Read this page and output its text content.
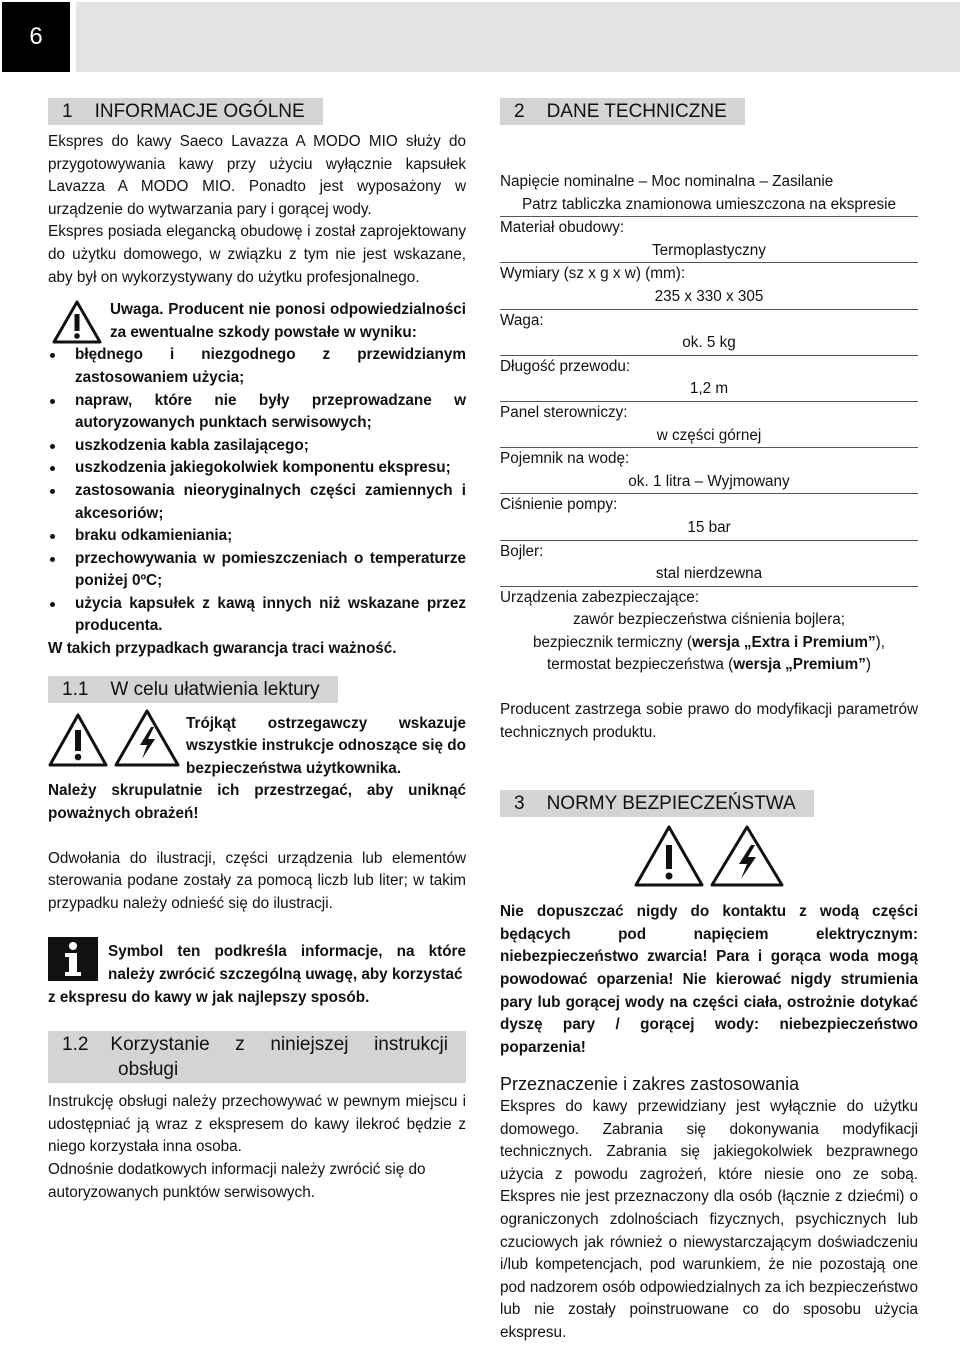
6
1 INFORMACJE OGÓLNE

Ekspres do kawy Saeco Lavazza A MODO MIO służy do przygotowywania kawy przy użyciu wyłącznie kapsułek Lavazza A MODO MIO. Ponadto jest wyposażony w urządzenie do wytwarzania pary i gorącej wody.

Ekspres posiada elegancką obudowę i został zaprojektowany do użytku domowego, w związku z tym nie jest wskazane, aby był on wykorzystywany do użytku profesjonalnego.

Uwaga. Producent nie ponosi odpowiedzialności za ewentualne szkody powstałe w wyniku:

błędnego i niezgodnego z przewidzianym zastosowaniem użycia;
napraw, które nie były przeprowadzane w autoryzowanych punktach serwisowych;
uszkodzenia kabla zasilającego;
uszkodzenia jakiegokolwiek komponentu ekspresu;
zastosowania nieoryginalnych części zamiennych i akcesoriów;
braku odkamieniania;
przechowywania w pomieszczeniach o temperaturze poniżej 0ºC;
użycia kapsułek z kawą innych niż wskazane przez producenta.

W takich przypadkach gwarancja traci ważność.

1.1 W celu ułatwienia lektury

Trójkąt ostrzegawczy wskazuje wszystkie instrukcje odnoszące się do bezpieczeństwa użytkownika.

Należy skrupulatnie ich przestrzegać, aby uniknąć poważnych obrażeń!

Odwołania do ilustracji, części urządzenia lub elementów sterowania podane zostały za pomocą liczb lub liter; w takim przypadku należy odnieść się do ilustracji.

Symbol ten podkreśla informacje, na które należy zwrócić szczególną uwagę, aby korzystać

z ekspresu do kawy w jak najlepszy sposób.

1.2 Korzystanie z niniejszej instrukcji
obsługi

Instrukcję obsługi należy przechowywać w pewnym miejscu i udostępniać ją wraz z ekspresem do kawy ilekroć będzie z niego korzystała inna osoba.

Odnośnie dodatkowych informacji należy zwrócić się do autoryzowanych punktów serwisowych.

2 DANE TECHNICZNE
Napięcie nominalne – Moc nominalna – Zasilanie
Patrz tabliczka znamionowa umieszczona na ekspresie
Materiał obudowy:
Termoplastyczny
Wymiary (sz x g x w) (mm):
235 x 330 x 305
Waga:
ok. 5 kg
Długość przewodu:
1,2 m
Panel sterowniczy:
w części górnej
Pojemnik na wodę:
ok. 1 litra – Wyjmowany
Ciśnienie pompy:
15 bar
Bojler:
stal nierdzewna
Urządzenia zabezpieczające:
zawór bezpieczeństwa ciśnienia bojlera;
bezpiecznik termiczny (wersja „Extra i Premium”),
termostat bezpieczeństwa (wersja „Premium”)

Producent zastrzega sobie prawo do modyfikacji parametrów technicznych produktu.

3 NORMY BEZPIECZEŃSTWA

Nie dopuszczać nigdy do kontaktu z wodą części będących pod napięciem elektrycznym: niebezpieczeństwo zwarcia! Para i gorąca woda mogą powodować oparzenia! Nie kierować nigdy strumienia pary lub gorącej wody na części ciała, ostrożnie dotykać dyszę pary / gorącej wody: niebezpieczeństwo poparzenia!

Przeznaczenie i zakres zastosowania

Ekspres do kawy przewidziany jest wyłącznie do użytku domowego. Zabrania się dokonywania modyfikacji technicznych. Zabrania się jakiegokolwiek bezprawnego użycia z powodu zagrożeń, które niesie ono ze sobą. Ekspres nie jest przeznaczony dla osób (łącznie z dziećmi) o ograniczonych zdolnościach fizycznych, psychicznych lub czuciowych jak również o niewystarczającym doświadczeniu i/lub kompetencjach, pod warunkiem, że nie pozostają one pod nadzorem osób odpowiedzialnych za ich bezpieczeństwo lub nie zostały poinstruowane co do sposobu użycia ekspresu.
